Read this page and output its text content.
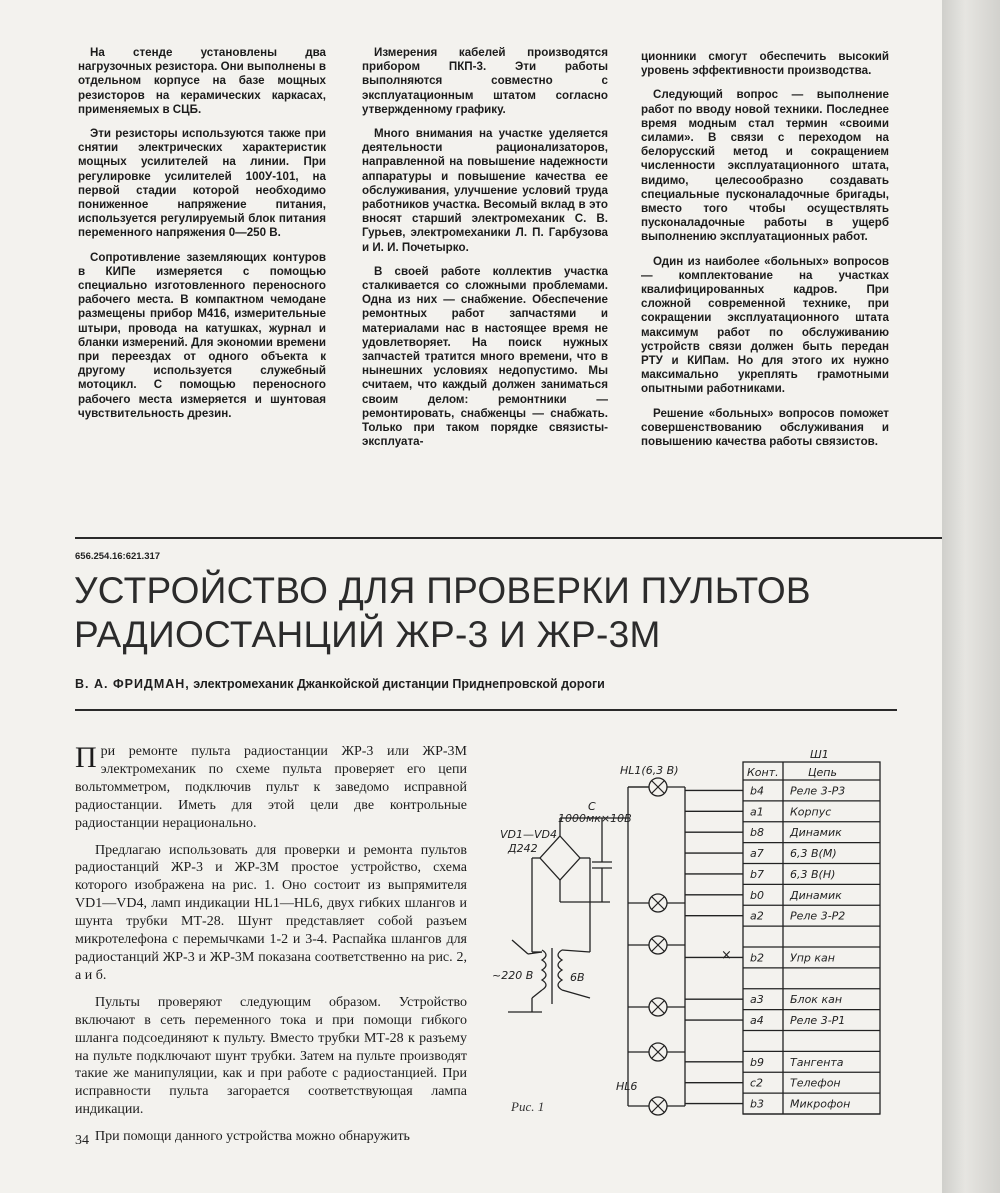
На стенде установлены два нагрузочных резистора. Они выполнены в отдельном корпусе на базе мощных резисторов на керамических каркасах, применяемых в СЦБ.

Эти резисторы используются также при снятии электрических характеристик мощных усилителей на линии. При регулировке усилителей 100У-101, на первой стадии которой необходимо пониженное напряжение питания, используется регулируемый блок питания переменного напряжения 0—250 В.

Сопротивление заземляющих контуров в КИПе измеряется с помощью специально изготовленного переносного рабочего места. В компактном чемодане размещены прибор М416, измерительные штыри, провода на катушках, журнал и бланки измерений. Для экономии времени при переездах от одного объекта к другому используется служебный мотоцикл. С помощью переносного рабочего места измеряется и шунтовая чувствительность дрезин.

Измерения кабелей производятся прибором ПКП-3. Эти работы выполняются совместно с эксплуатационным штатом согласно утвержденному графику.

Много внимания на участке уделяется деятельности рационализаторов, направленной на повышение надежности аппаратуры и повышение качества ее обслуживания, улучшение условий труда работников участка. Весомый вклад в это вносят старший электромеханик С. В. Гурьев, электромеханики Л. П. Гарбузова и И. И. Почетыркo.

В своей работе коллектив участка сталкивается со сложными проблемами. Одна из них — снабжение. Обеспечение ремонтных работ запчастями и материалами нас в настоящее время не удовлетворяет. На поиск нужных запчастей тратится много времени, что в нынешних условиях недопустимо. Мы считаем, что каждый должен заниматься своим делом: ремонтники — ремонтировать, снабженцы — снабжать. Только при таком порядке связисты-эксплуата-

ционники смогут обеспечить высокий уровень эффективности производства.

Следующий вопрос — выполнение работ по вводу новой техники. Последнее время модным стал термин «своими силами». В связи с переходом на белорусский метод и сокращением численности эксплуатационного штата, видимо, целесообразно создавать специальные пусконаладочные бригады, вместо того чтобы осуществлять пусконаладочные работы в ущерб выполнению эксплуатационных работ.

Один из наиболее «больных» вопросов — комплектование на участках квалифицированных кадров. При сложной современной технике, при сокращении эксплуатационного штата максимум работ по обслуживанию устройств связи должен быть передан РТУ и КИПам. Но для этого их нужно максимально укреплять грамотными опытными работниками.

Решение «больных» вопросов поможет совершенствованию обслуживания и повышению качества работы связистов.

656.254.16:621.317
УСТРОЙСТВО ДЛЯ ПРОВЕРКИ ПУЛЬТОВ
РАДИОСТАНЦИЙ ЖР-3 И ЖР-3М
В. А. ФРИДМАН, электромеханик Джанкойской дистанции Приднепровской дороги

При ремонте пульта радиостанции ЖР-3 или ЖР-3М электромеханик по схеме пульта проверяет его цепи вольтомметром, подключив пульт к заведомо исправной радиостанции. Иметь для этой цели две контрольные радиостанции нерационально.

Предлагаю использовать для проверки и ремонта пультов радиостанций ЖР-3 и ЖР-3М простое устройство, схема которого изображена на рис. 1. Оно состоит из выпрямителя VD1—VD4, ламп индикации HL1—HL6, двух гибких шлангов и шунта трубки МТ-28. Шунт представляет собой разъем микротелефона с перемычками 1-2 и 3-4. Распайка шлангов для радиостанций ЖР-3 и ЖР-3М показана соответственно на рис. 2, а и б.

Пульты проверяют следующим образом. Устройство включают в сеть переменного тока и при помощи гибкого шланга подсоединяют к пульту. Вместо трубки МТ-28 к разъему на пульте подключают шунт трубки. Затем на пульте производят такие же манипуляции, как и при работе с радиостанцией. При исправности пульта загорается соответствующая лампа индикации.

При помощи данного устройства можно обнаружить

34
b4 Реле 3-Р3
a1 Корпус
b8 Динамик
a7 6,3 В(М)
b7 6,3 В(Н)
b0 Динамик
a2 Реле 3-Р2
b2 Упр кан
a3 Блок кан
a4 Реле 3-Р1
b9 Тангента
c2 Телефон
b3 Микрофон
HL1(6,3 В)
HL6
С
1000мк×10В
VD1—VD4
Д242
~220 В	6В
Ш1
Конт.	Цепь
×
Рис. 1
